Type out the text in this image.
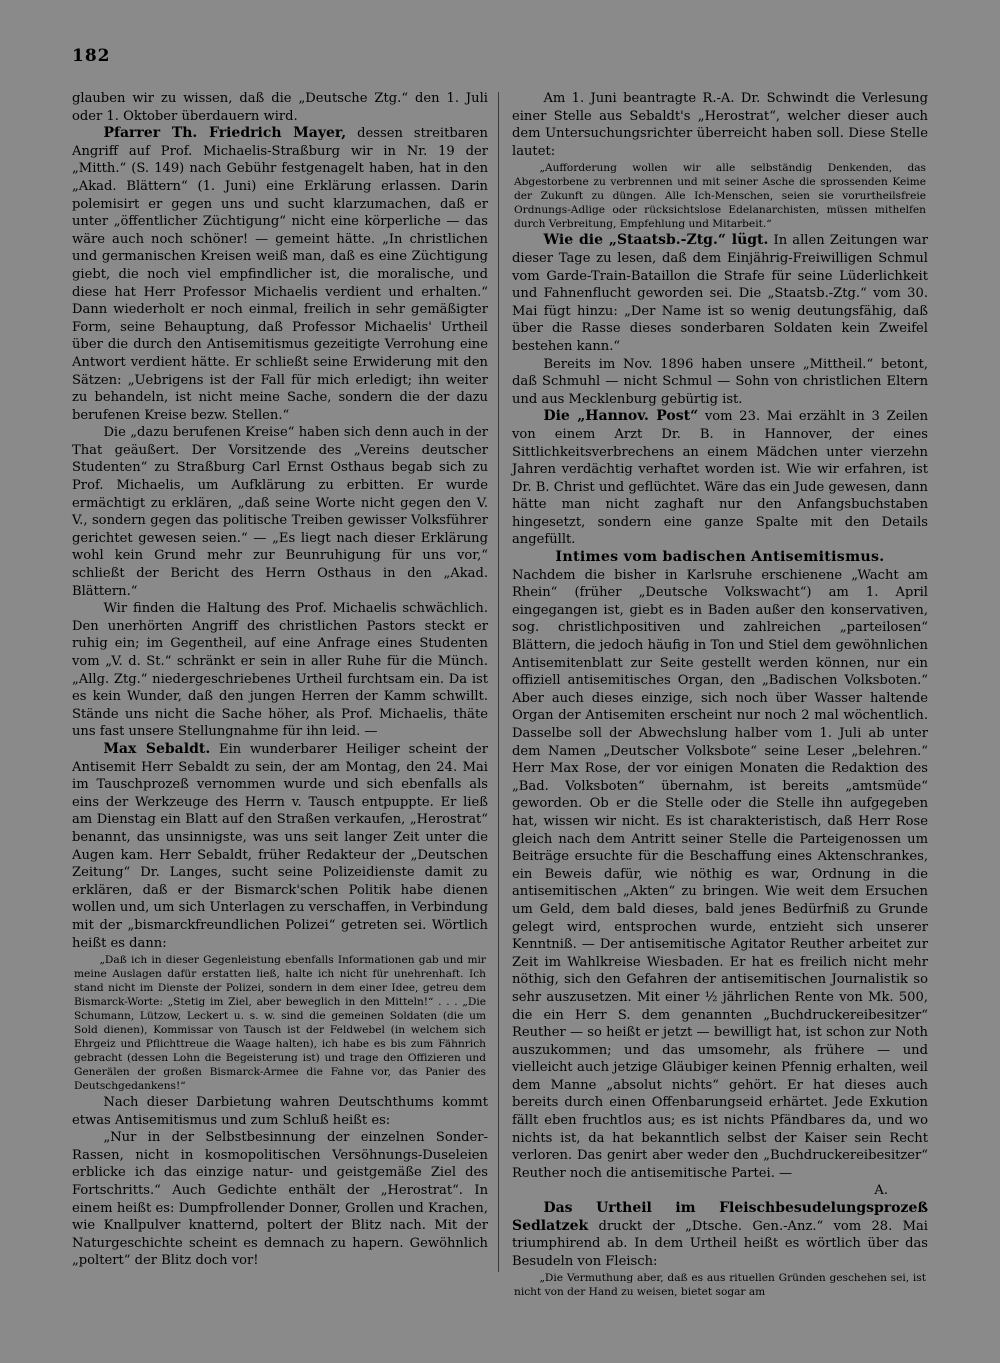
182

glauben wir zu wissen, daß die „Deutsche Ztg.“ den 1. Juli oder 1. Oktober überdauern wird.

Pfarrer Th. Friedrich Mayer, dessen streitbaren Angriff auf Prof. Michaelis-Straßburg wir in Nr. 19 der „Mitth.“ (S. 149) nach Gebühr festgenagelt haben, hat in den „Akad. Blättern“ (1. Juni) eine Erklärung erlassen. Darin polemisirt er gegen uns und sucht klarzumachen, daß er unter „öffentlicher Züchtigung“ nicht eine körperliche — das wäre auch noch schöner! — gemeint hätte. „In christlichen und germanischen Kreisen weiß man, daß es eine Züchtigung giebt, die noch viel empfindlicher ist, die moralische, und diese hat Herr Professor Michaelis verdient und erhalten.“ Dann wiederholt er noch einmal, freilich in sehr gemäßigter Form, seine Behauptung, daß Professor Michaelis' Urtheil über die durch den Antisemitismus gezeitigte Verrohung eine Antwort verdient hätte. Er schließt seine Erwiderung mit den Sätzen: „Uebrigens ist der Fall für mich erledigt; ihn weiter zu behandeln, ist nicht meine Sache, sondern die der dazu berufenen Kreise bezw. Stellen.“

Die „dazu berufenen Kreise“ haben sich denn auch in der That geäußert. Der Vorsitzende des „Vereins deutscher Studenten“ zu Straßburg Carl Ernst Osthaus begab sich zu Prof. Michaelis, um Aufklärung zu erbitten. Er wurde ermächtigt zu erklären, „daß seine Worte nicht gegen den V. V., sondern gegen das politische Treiben gewisser Volksführer gerichtet gewesen seien.“ — „Es liegt nach dieser Erklärung wohl kein Grund mehr zur Beunruhigung für uns vor,“ schließt der Bericht des Herrn Osthaus in den „Akad. Blättern.“

Wir finden die Haltung des Prof. Michaelis schwächlich. Den unerhörten Angriff des christlichen Pastors steckt er ruhig ein; im Gegentheil, auf eine Anfrage eines Studenten vom „V. d. St.“ schränkt er sein in aller Ruhe für die Münch. „Allg. Ztg.“ niedergeschriebenes Urtheil furchtsam ein. Da ist es kein Wunder, daß den jungen Herren der Kamm schwillt. Stände uns nicht die Sache höher, als Prof. Michaelis, thäte uns fast unsere Stellungnahme für ihn leid. —

Max Sebaldt. Ein wunderbarer Heiliger scheint der Antisemit Herr Sebaldt zu sein, der am Montag, den 24. Mai im Tauschprozeß vernommen wurde und sich ebenfalls als eins der Werkzeuge des Herrn v. Tausch entpuppte. Er ließ am Dienstag ein Blatt auf den Straßen verkaufen, „Herostrat“ benannt, das unsinnigste, was uns seit langer Zeit unter die Augen kam. Herr Sebaldt, früher Redakteur der „Deutschen Zeitung“ Dr. Langes, sucht seine Polizeidienste damit zu erklären, daß er der Bismarck'schen Politik habe dienen wollen und, um sich Unterlagen zu verschaffen, in Verbindung mit der „bismarckfreundlichen Polizei“ getreten sei. Wörtlich heißt es dann:

„Daß ich in dieser Gegenleistung ebenfalls Informationen gab und mir meine Auslagen dafür erstatten ließ, halte ich nicht für unehrenhaft. Ich stand nicht im Dienste der Polizei, sondern in dem einer Idee, getreu dem Bismarck-Worte: „Stetig im Ziel, aber beweglich in den Mitteln!“ . . . „Die Schumann, Lützow, Leckert u. s. w. sind die gemeinen Soldaten (die um Sold dienen), Kommissar von Tausch ist der Feldwebel (in welchem sich Ehrgeiz und Pflichttreue die Waage halten), ich habe es bis zum Fähnrich gebracht (dessen Lohn die Begeisterung ist) und trage den Offizieren und Generälen der großen Bismarck-Armee die Fahne vor, das Panier des Deutschgedankens!“

Nach dieser Darbietung wahren Deutschthums kommt etwas Antisemitismus und zum Schluß heißt es:

„Nur in der Selbstbesinnung der einzelnen Sonder-Rassen, nicht in kosmopolitischen Versöhnungs-Duseleien erblicke ich das einzige natur- und geistgemäße Ziel des Fortschritts.“ Auch Gedichte enthält der „Herostrat“. In einem heißt es: Dumpfrollender Donner, Grollen und Krachen, wie Knallpulver knatternd, poltert der Blitz nach. Mit der Naturgeschichte scheint es demnach zu hapern. Gewöhnlich „poltert“ der Blitz doch vor!

Am 1. Juni beantragte R.-A. Dr. Schwindt die Verlesung einer Stelle aus Sebaldt's „Herostrat“, welcher dieser auch dem Untersuchungsrichter überreicht haben soll. Diese Stelle lautet:

„Aufforderung wollen wir alle selbständig Denkenden, das Abgestorbene zu verbrennen und mit seiner Asche die sprossenden Keime der Zukunft zu düngen. Alle Ich-Menschen, seien sie vorurtheilsfreie Ordnungs-Adlige oder rücksichtslose Edelanarchisten, müssen mithelfen durch Verbreitung, Empfehlung und Mitarbeit.“

Wie die „Staatsb.-Ztg.“ lügt. In allen Zeitungen war dieser Tage zu lesen, daß dem Einjährig-Freiwilligen Schmul vom Garde-Train-Bataillon die Strafe für seine Lüderlichkeit und Fahnenflucht geworden sei. Die „Staatsb.-Ztg.“ vom 30. Mai fügt hinzu: „Der Name ist so wenig deutungsfähig, daß über die Rasse dieses sonderbaren Soldaten kein Zweifel bestehen kann.“

Bereits im Nov. 1896 haben unsere „Mittheil.“ betont, daß Schmuhl — nicht Schmul — Sohn von christlichen Eltern und aus Mecklenburg gebürtig ist.

Die „Hannov. Post“ vom 23. Mai erzählt in 3 Zeilen von einem Arzt Dr. B. in Hannover, der eines Sittlichkeitsverbrechens an einem Mädchen unter vierzehn Jahren verdächtig verhaftet worden ist. Wie wir erfahren, ist Dr. B. Christ und geflüchtet. Wäre das ein Jude gewesen, dann hätte man nicht zaghaft nur den Anfangsbuchstaben hingesetzt, sondern eine ganze Spalte mit den Details angefüllt.

Intimes vom badischen Antisemitismus.

Nachdem die bisher in Karlsruhe erschienene „Wacht am Rhein“ (früher „Deutsche Volkswacht“) am 1. April eingegangen ist, giebt es in Baden außer den konservativen, sog. christlichpositiven und zahlreichen „parteilosen“ Blättern, die jedoch häufig in Ton und Stiel dem gewöhnlichen Antisemitenblatt zur Seite gestellt werden können, nur ein offiziell antisemitisches Organ, den „Badischen Volksboten.“ Aber auch dieses einzige, sich noch über Wasser haltende Organ der Antisemiten erscheint nur noch 2 mal wöchentlich. Dasselbe soll der Abwechslung halber vom 1. Juli ab unter dem Namen „Deutscher Volksbote“ seine Leser „belehren.“ Herr Max Rose, der vor einigen Monaten die Redaktion des „Bad. Volksboten“ übernahm, ist bereits „amtsmüde“ geworden. Ob er die Stelle oder die Stelle ihn aufgegeben hat, wissen wir nicht. Es ist charakteristisch, daß Herr Rose gleich nach dem Antritt seiner Stelle die Parteigenossen um Beiträge ersuchte für die Beschaffung eines Aktenschrankes, ein Beweis dafür, wie nöthig es war, Ordnung in die antisemitischen „Akten“ zu bringen. Wie weit dem Ersuchen um Geld, dem bald dieses, bald jenes Bedürfniß zu Grunde gelegt wird, entsprochen wurde, entzieht sich unserer Kenntniß. — Der antisemitische Agitator Reuther arbeitet zur Zeit im Wahlkreise Wiesbaden. Er hat es freilich nicht mehr nöthig, sich den Gefahren der antisemitischen Journalistik so sehr auszusetzen. Mit einer ½ jährlichen Rente von Mk. 500, die ein Herr S. dem genannten „Buchdruckereibesitzer“ Reuther — so heißt er jetzt — bewilligt hat, ist schon zur Noth auszukommen; und das umsomehr, als frühere — und vielleicht auch jetzige Gläubiger keinen Pfennig erhalten, weil dem Manne „absolut nichts“ gehört. Er hat dieses auch bereits durch einen Offenbarungseid erhärtet. Jede Exkution fällt eben fruchtlos aus; es ist nichts Pfändbares da, und wo nichts ist, da hat bekanntlich selbst der Kaiser sein Recht verloren. Das genirt aber weder den „Buchdruckereibesitzer“ Reuther noch die antisemitische Partei. —

A.

Das Urtheil im Fleischbesudelungsprozeß Sedlatzek druckt der „Dtsche. Gen.-Anz.“ vom 28. Mai triumphirend ab. In dem Urtheil heißt es wörtlich über das Besudeln von Fleisch:

„Die Vermuthung aber, daß es aus rituellen Gründen geschehen sei, ist nicht von der Hand zu weisen, bietet sogar am
